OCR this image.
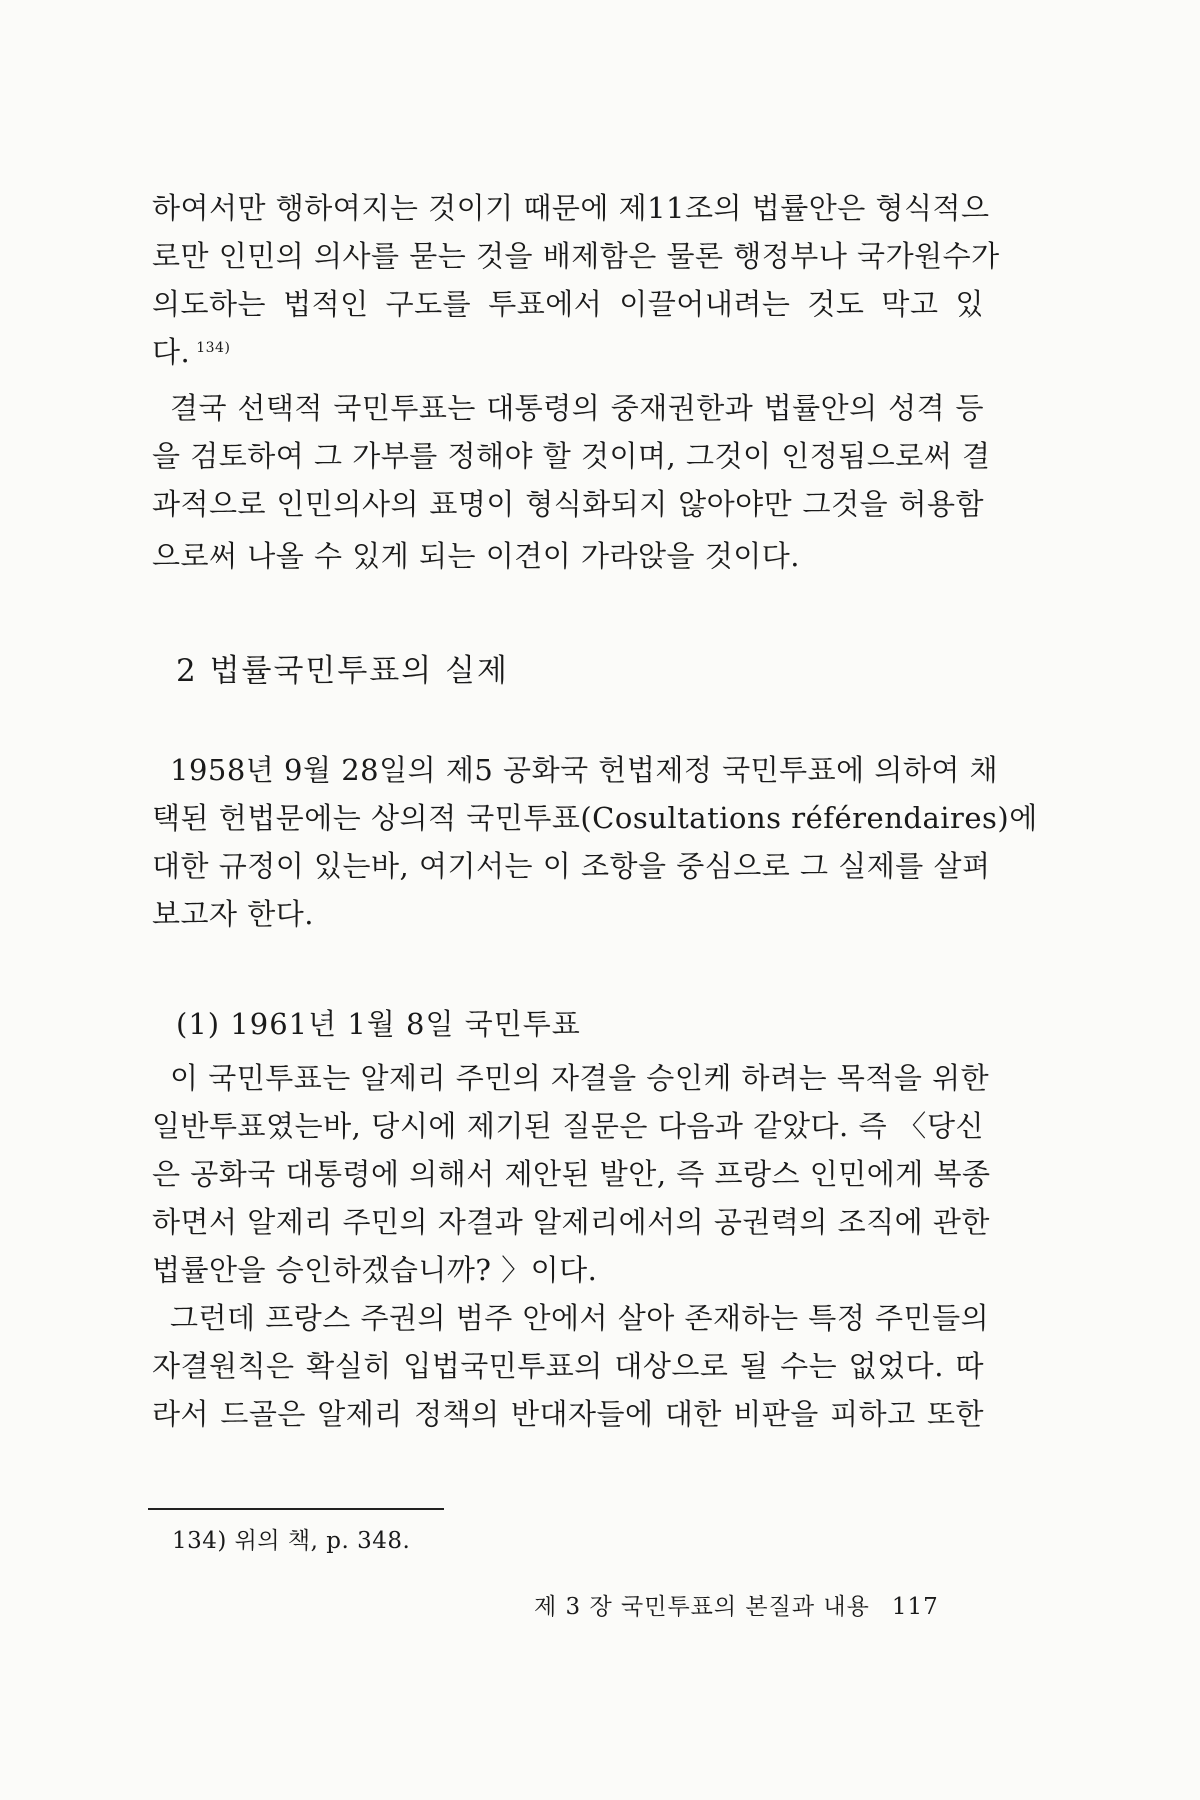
하여서만 행하여지는 것이기 때문에 제11조의 법률안은 형식적으
로만 인민의 의사를 묻는 것을 배제함은 물론 행정부나 국가원수가
의도하는 법적인 구도를 투표에서 이끌어내려는 것도 막고 있
다. $^{134)}$
결국 선택적 국민투표는 대통령의 중재권한과 법률안의 성격 등
을 검토하여 그 가부를 정해야 할 것이며, 그것이 인정됨으로써 결
과적으로 인민의사의 표명이 형식화되지 않아야만 그것을 허용함
으로써 나올 수 있게 되는 이견이 가라앉을 것이다.
2 법률국민투표의 실제
1958년 9월 28일의 제5 공화국 헌법제정 국민투표에 의하여 채
택된 헌법문에는 상의적 국민투표(Cosultations référendaires)에
대한 규정이 있는바, 여기서는 이 조항을 중심으로 그 실제를 살펴
보고자 한다.
(1) 1961년 1월 8일 국민투표
이 국민투표는 알제리 주민의 자결을 승인케 하려는 목적을 위한
일반투표였는바, 당시에 제기된 질문은 다음과 같았다. 즉 〈당신
은 공화국 대통령에 의해서 제안된 발안, 즉 프랑스 인민에게 복종
하면서 알제리 주민의 자결과 알제리에서의 공권력의 조직에 관한
법률안을 승인하겠습니까? 〉이다.
그런데 프랑스 주권의 범주 안에서 살아 존재하는 특정 주민들의
자결원칙은 확실히 입법국민투표의 대상으로 될 수는 없었다. 따
라서 드골은 알제리 정책의 반대자들에 대한 비판을 피하고 또한
134) 위의 책, p. 348.
제 3 장 국민투표의 본질과 내용 117
